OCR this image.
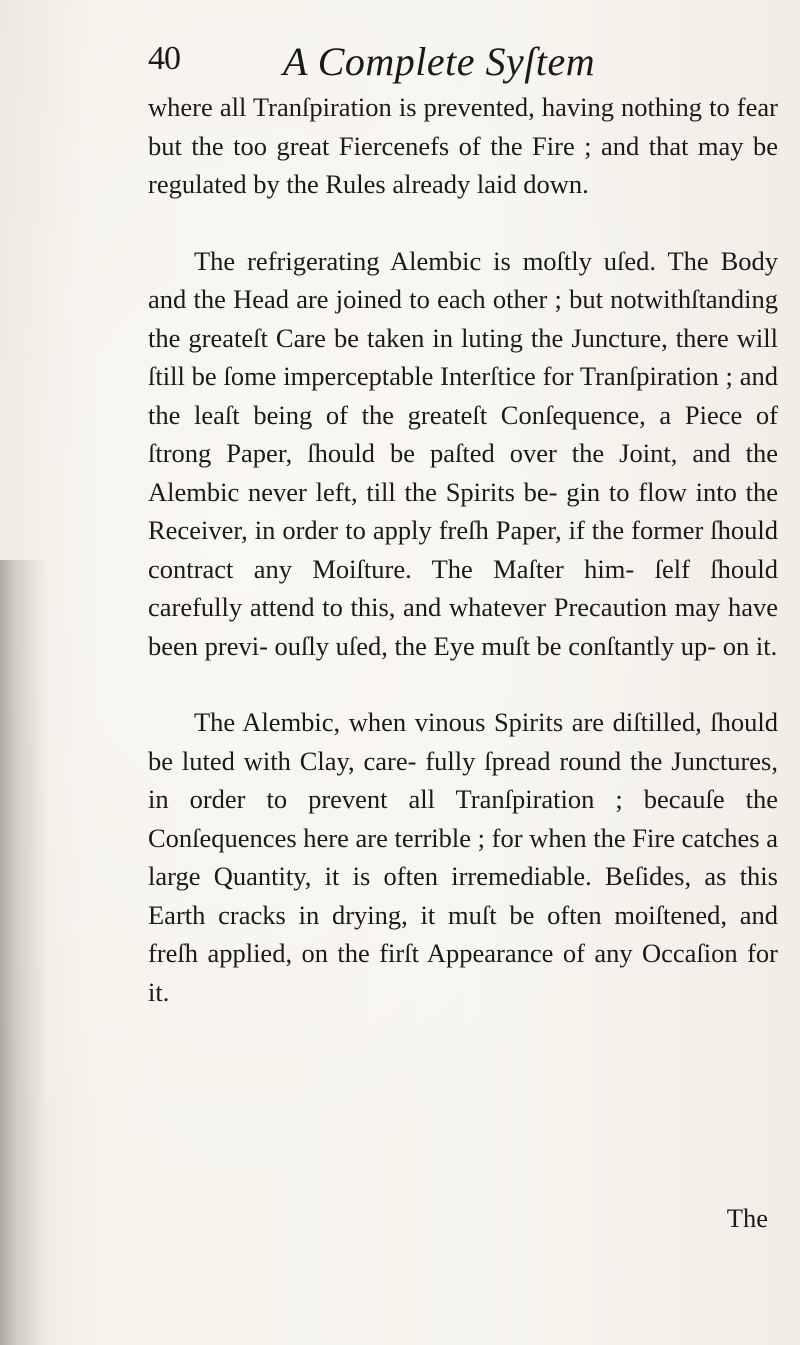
40	A Complete Syſtem

where all Tranſpiration is prevented, having nothing to fear but the too great Fiercenefs of the Fire ; and that may be regulated by the Rules already laid down.

The refrigerating Alembic is moſtly uſed. The Body and the Head are joined to each other ; but notwithſtanding the greateſt Care be taken in luting the Juncture, there will ſtill be ſome imperceptable Interſtice for Tranſpiration ; and the leaſt being of the greateſt Conſequence, a Piece of ſtrong Paper, ſhould be paſted over the Joint, and the Alembic never left, till the Spirits be- gin to flow into the Receiver, in order to apply freſh Paper, if the former ſhould contract any Moiſture. The Maſter him- ſelf ſhould carefully attend to this, and whatever Precaution may have been previ- ouſly uſed, the Eye muſt be conſtantly up- on it.

The Alembic, when vinous Spirits are diſtilled, ſhould be luted with Clay, care- fully ſpread round the Junctures, in order to prevent all Tranſpiration ; becauſe the Conſequences here are terrible ; for when the Fire catches a large Quantity, it is often irremediable. Beſides, as this Earth cracks in drying, it muſt be often moiſtened, and freſh applied, on the firſt Appearance of any Occaſion for it.

The
